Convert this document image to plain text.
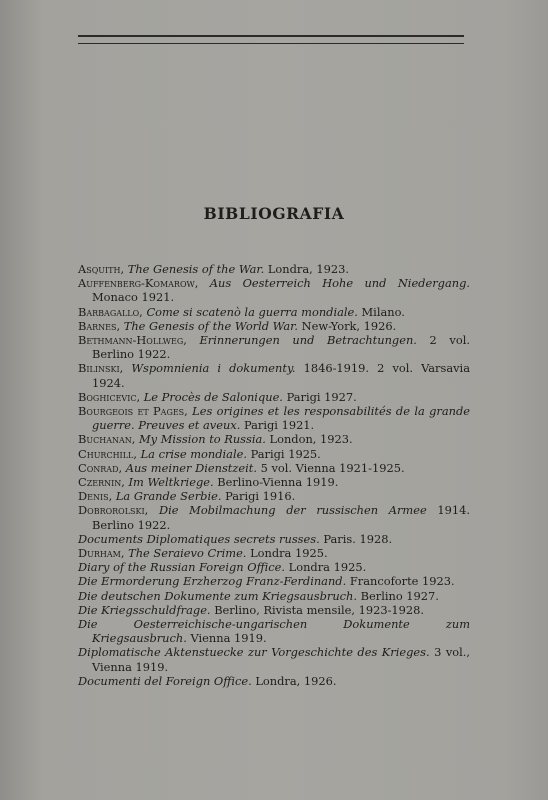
BIBLIOGRAFIA
Asquith, The Genesis of the War. Londra, 1923.
Auffenberg-Komarow, Aus Oesterreich Hohe und Niedergang. Monaco 1921.
Barbagallo, Come si scatenò la guerra mondiale. Milano.
Barnes, The Genesis of the World War. New-York, 1926.
Bethmann-Hollweg, Erinnerungen und Betrachtungen. 2 vol. Berlino 1922.
Bilinski, Wspomnienia i dokumenty. 1846-1919. 2 vol. Varsavia 1924.
Boghicevic, Le Procès de Salonique. Parigi 1927.
Bourgeois et Pages, Les origines et les responsabilités de la grande guerre. Preuves et aveux. Parigi 1921.
Buchanan, My Mission to Russia. London, 1923.
Churchill, La crise mondiale. Parigi 1925.
Conrad, Aus meiner Dienstzeit. 5 vol. Vienna 1921-1925.
Czernin, Im Weltkriege. Berlino-Vienna 1919.
Denis, La Grande Serbie. Parigi 1916.
Dobrorolski, Die Mobilmachung der russischen Armee 1914. Berlino 1922.
Documents Diplomatiques secrets russes. Paris. 1928.
Durham, The Seraievo Crime. Londra 1925.
Diary of the Russian Foreign Office. Londra 1925.
Die Ermorderung Erzherzog Franz-Ferdinand. Francoforte 1923.
Die deutschen Dokumente zum Kriegsausbruch. Berlino 1927.
Die Kriegsschuldfrage. Berlino, Rivista mensile, 1923-1928.
Die Oesterreichische-ungarischen Dokumente zum Kriegsausbruch. Vienna 1919.
Diplomatische Aktenstuecke zur Vorgeschichte des Krieges. 3 vol., Vienna 1919.
Documenti del Foreign Office. Londra, 1926.
